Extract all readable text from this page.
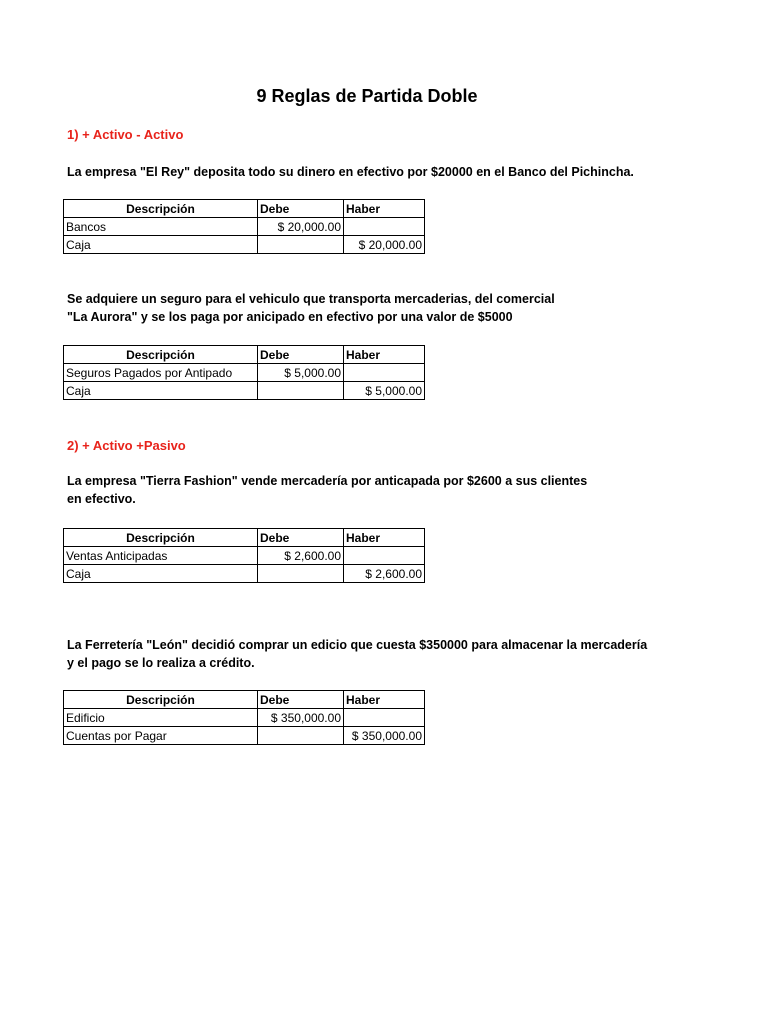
9 Reglas de Partida Doble
1) + Activo - Activo
La empresa "El Rey" deposita todo su dinero en efectivo por $20000 en el Banco del Pichincha.
Descripción	Debe	Haber
Bancos	$ 20,000.00	
Caja		$ 20,000.00
Se adquiere un seguro para el vehiculo que transporta mercaderias, del comercial
"La Aurora" y se los paga por anicipado en efectivo por una valor de $5000
Descripción	Debe	Haber
Seguros Pagados por Antipado	$ 5,000.00	
Caja		$ 5,000.00
2) + Activo +Pasivo
La empresa "Tierra Fashion" vende mercadería por anticapada por $2600 a sus clientes
en efectivo.
Descripción	Debe	Haber
Ventas Anticipadas	$ 2,600.00	
Caja		$ 2,600.00
La Ferretería "León" decidió comprar un edicio que cuesta $350000 para almacenar la mercadería
y el pago se lo realiza a crédito.
Descripción	Debe	Haber
Edificio	$ 350,000.00	
Cuentas por Pagar		$ 350,000.00
